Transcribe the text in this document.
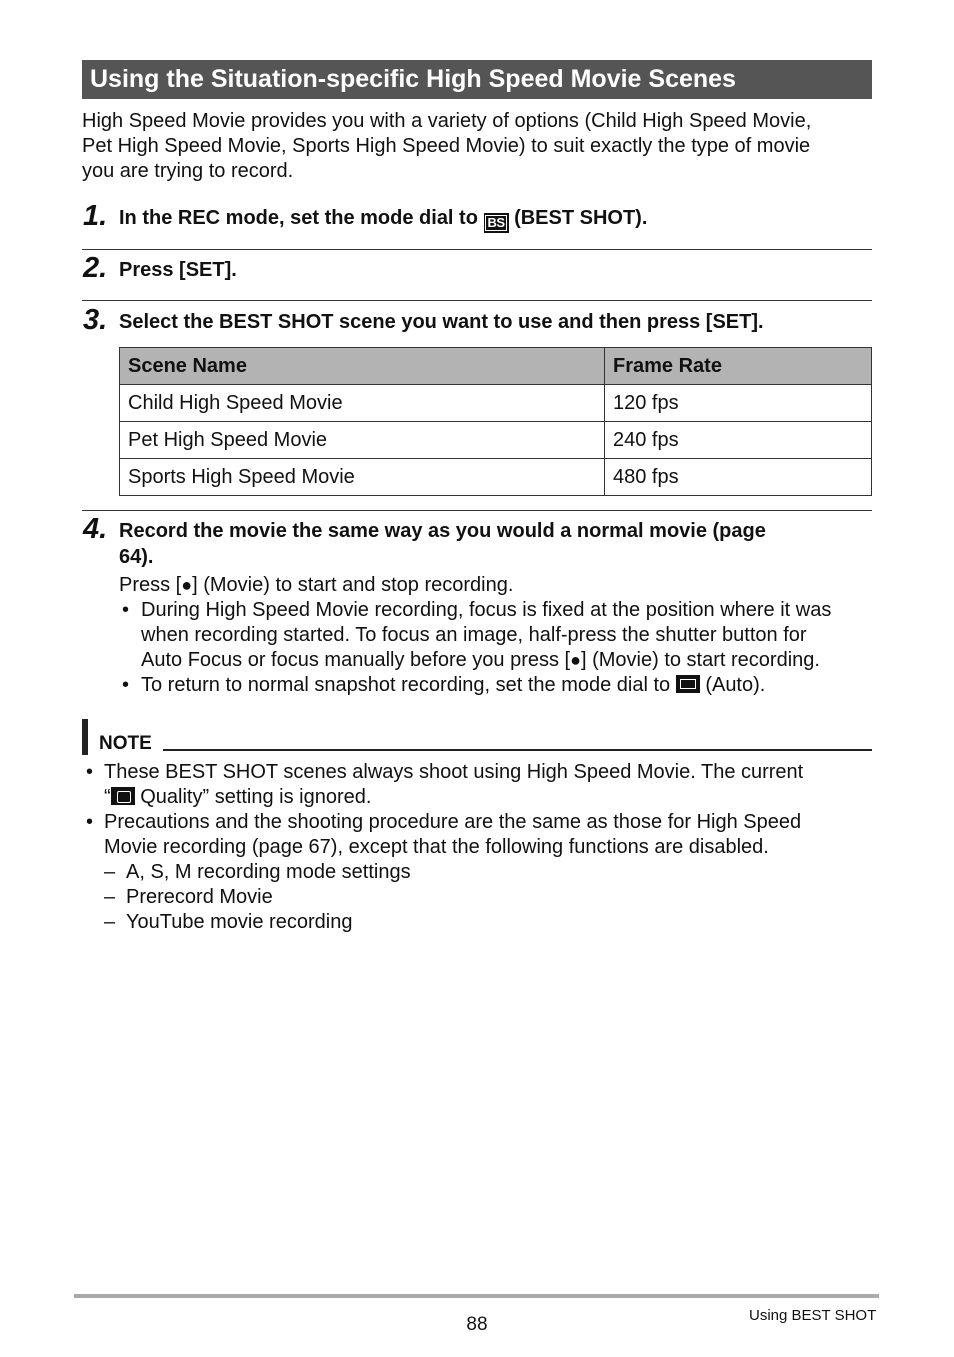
Using the Situation-specific High Speed Movie Scenes
High Speed Movie provides you with a variety of options (Child High Speed Movie,
Pet High Speed Movie, Sports High Speed Movie) to suit exactly the type of movie
you are trying to record.
1. In the REC mode, set the mode dial to BS (BEST SHOT).
2. Press [SET].
3. Select the BEST SHOT scene you want to use and then press [SET].
Scene Name	Frame Rate
Child High Speed Movie	120 fps
Pet High Speed Movie	240 fps
Sports High Speed Movie	480 fps
4. Record the movie the same way as you would a normal movie (page
64).
Press [●] (Movie) to start and stop recording.
• During High Speed Movie recording, focus is fixed at the position where it was
when recording started. To focus an image, half-press the shutter button for
Auto Focus or focus manually before you press [●] (Movie) to start recording.
• To return to normal snapshot recording, set the mode dial to (Auto).
NOTE
• These BEST SHOT scenes always shoot using High Speed Movie. The current
“ Quality” setting is ignored.
• Precautions and the shooting procedure are the same as those for High Speed
Movie recording (page 67), except that the following functions are disabled.
– A, S, M recording mode settings
– Prerecord Movie
– YouTube movie recording
88	Using BEST SHOT
